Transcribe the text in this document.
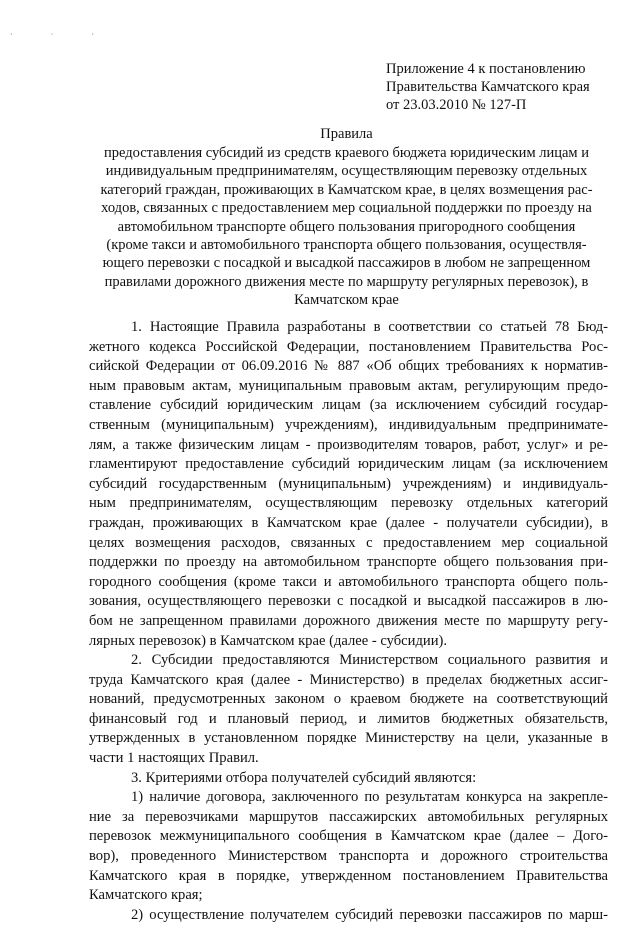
· · ·
Приложение 4 к постановлению
Правительства Камчатского края
от 23.03.2010 № 127-П
Правила
предоставления субсидий из средств краевого бюджета юридическим лицам и
индивидуальным предпринимателям, осуществляющим перевозку отдельных
категорий граждан, проживающих в Камчатском крае, в целях возмещения рас-
ходов, связанных с предоставлением мер социальной поддержки по проезду на
автомобильном транспорте общего пользования пригородного сообщения
(кроме такси и автомобильного транспорта общего пользования, осуществля-
ющего перевозки с посадкой и высадкой пассажиров в любом не запрещенном
правилами дорожного движения месте по маршруту регулярных перевозок), в
Камчатском крае
1. Настоящие Правила разработаны в соответствии со статьей 78 Бюд-
жетного кодекса Российской Федерации, постановлением Правительства Рос-
сийской Федерации от 06.09.2016 № 887 «Об общих требованиях к норматив-
ным правовым актам, муниципальным правовым актам, регулирующим предо-
ставление субсидий юридическим лицам (за исключением субсидий государ-
ственным (муниципальным) учреждениям), индивидуальным предпринимате-
лям, а также физическим лицам - производителям товаров, работ, услуг» и ре-
гламентируют предоставление субсидий юридическим лицам (за исключением
субсидий государственным (муниципальным) учреждениям) и индивидуаль-
ным предпринимателям, осуществляющим перевозку отдельных категорий
граждан, проживающих в Камчатском крае (далее - получатели субсидии), в
целях возмещения расходов, связанных с предоставлением мер социальной
поддержки по проезду на автомобильном транспорте общего пользования при-
городного сообщения (кроме такси и автомобильного транспорта общего поль-
зования, осуществляющего перевозки с посадкой и высадкой пассажиров в лю-
бом не запрещенном правилами дорожного движения месте по маршруту регу-
лярных перевозок) в Камчатском крае (далее - субсидии).
2. Субсидии предоставляются Министерством социального развития и
труда Камчатского края (далее - Министерство) в пределах бюджетных ассиг-
нований, предусмотренных законом о краевом бюджете на соответствующий
финансовый год и плановый период, и лимитов бюджетных обязательств,
утвержденных в установленном порядке Министерству на цели, указанные в
части 1 настоящих Правил.
3. Критериями отбора получателей субсидий являются:
1) наличие договора, заключенного по результатам конкурса на закрепле-
ние за перевозчиками маршрутов пассажирских автомобильных регулярных
перевозок межмуниципального сообщения в Камчатском крае (далее – Дого-
вор), проведенного Министерством транспорта и дорожного строительства
Камчатского края в порядке, утвержденном постановлением Правительства
Камчатского края;
2) осуществление получателем субсидий перевозки пассажиров по марш-
